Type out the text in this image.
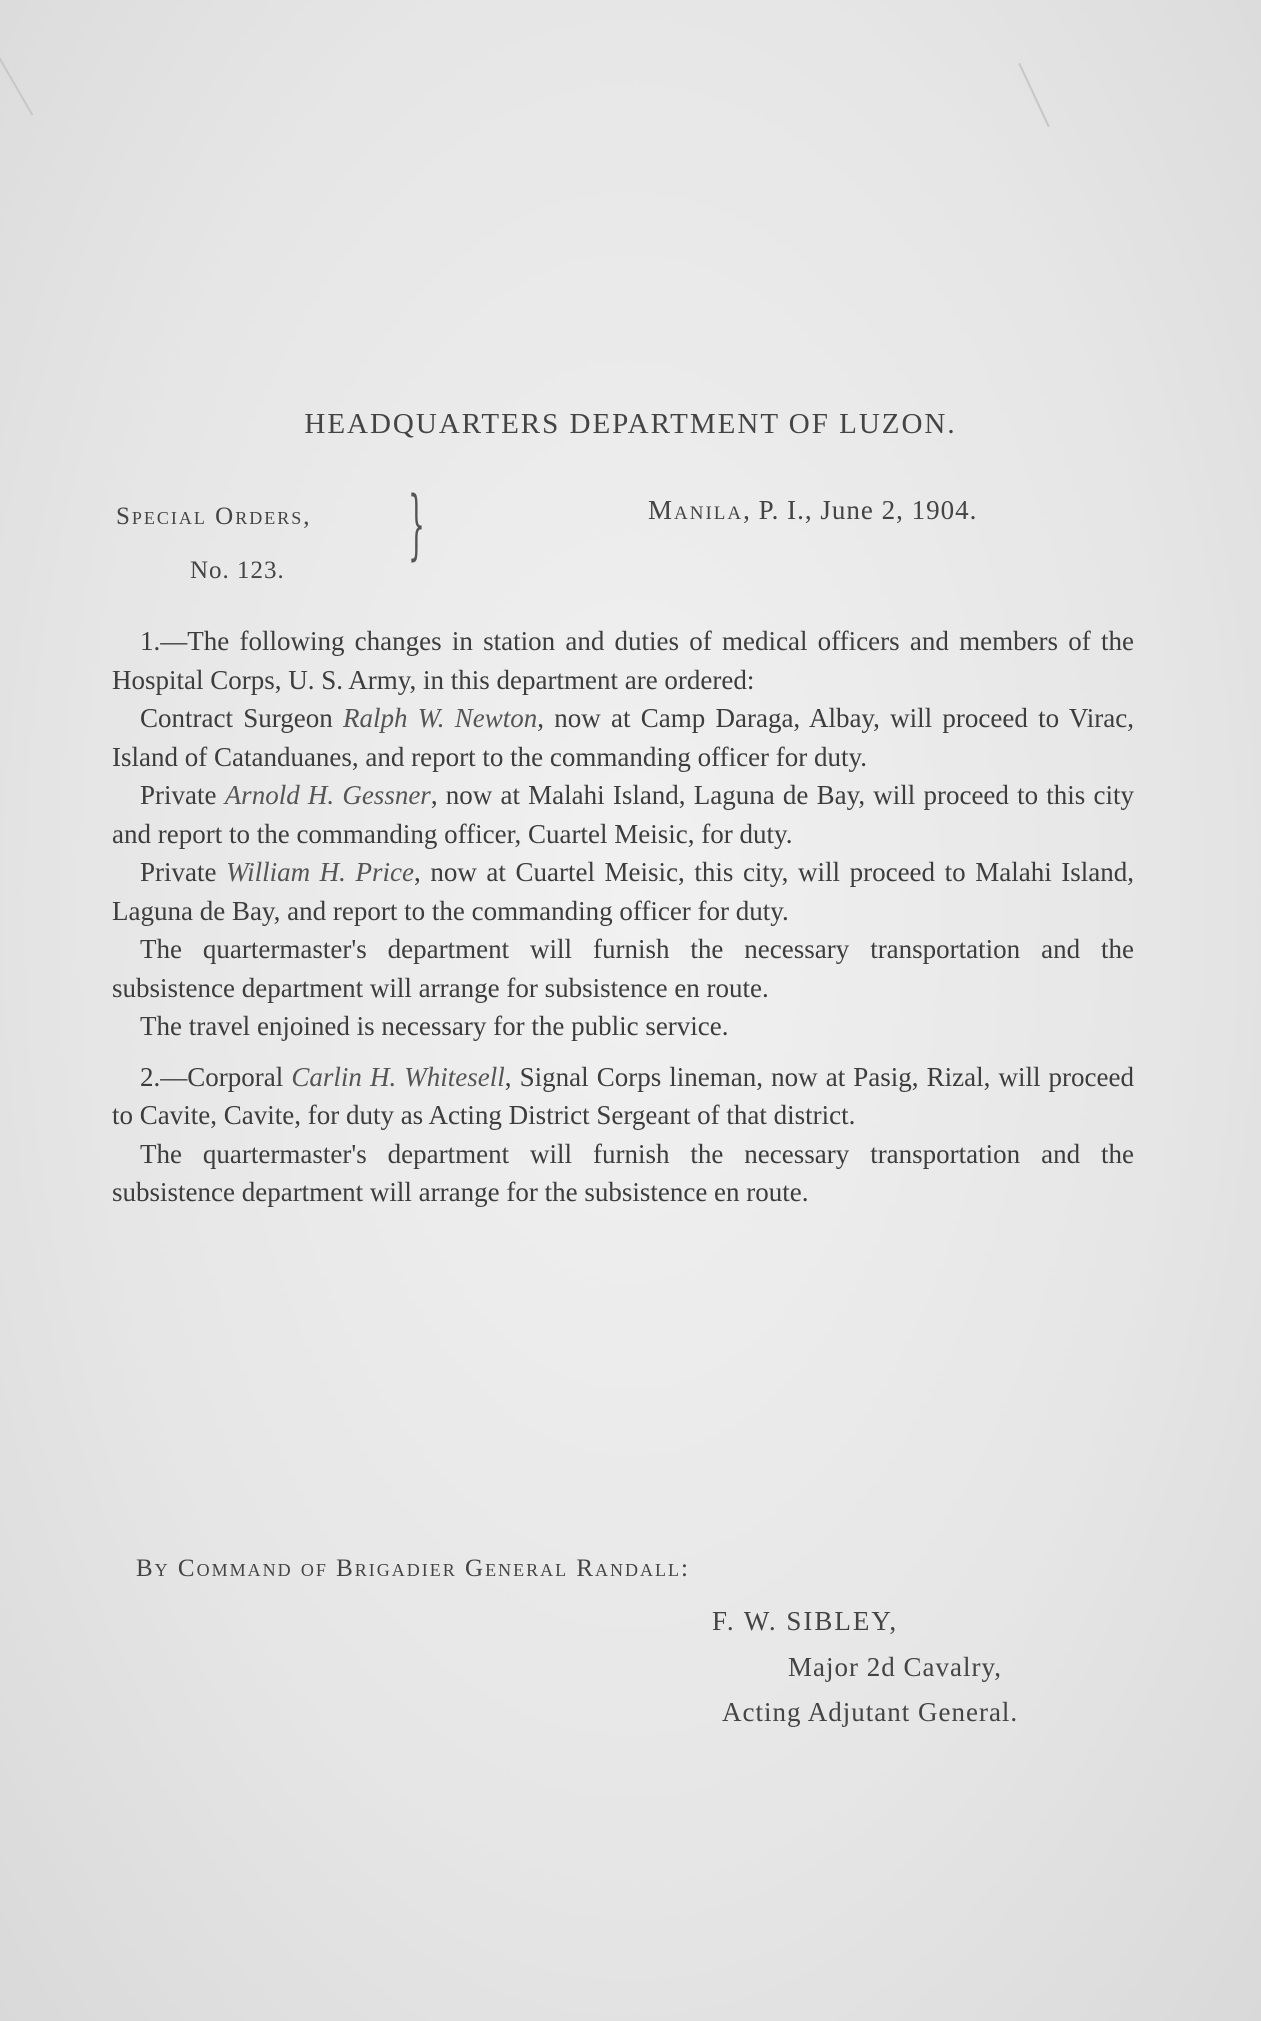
HEADQUARTERS DEPARTMENT OF LUZON.
Special Orders,
No. 123.
}	Manila, P. I., June 2, 1904.

1.—The following changes in station and duties of medical officers and members of the Hospital Corps, U. S. Army, in this department are ordered:

Contract Surgeon Ralph W. Newton, now at Camp Daraga, Albay, will proceed to Virac, Island of Catanduanes, and report to the commanding officer for duty.

Private Arnold H. Gessner, now at Malahi Island, Laguna de Bay, will proceed to this city and report to the commanding officer, Cuartel Meisic, for duty.

Private William H. Price, now at Cuartel Meisic, this city, will proceed to Malahi Island, Laguna de Bay, and report to the commanding officer for duty.

The quartermaster's department will furnish the necessary transportation and the subsistence department will arrange for subsistence en route.

The travel enjoined is necessary for the public service.

2.—Corporal Carlin H. Whitesell, Signal Corps lineman, now at Pasig, Rizal, will proceed to Cavite, Cavite, for duty as Acting District Sergeant of that district.

The quartermaster's department will furnish the necessary transportation and the subsistence department will arrange for the subsistence en route.

By Command of Brigadier General Randall:
F. W. SIBLEY,
Major 2d Cavalry,
Acting Adjutant General.
